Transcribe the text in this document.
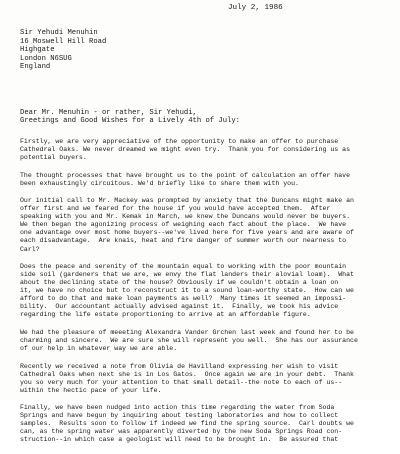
July 2, 1986
Sir Yehudi Menuhin
16 Moswell Hill Road
Highgate
London N6SUG
England
Dear Mr. Menuhin - or rather, Sir Yehudi,
Greetings and Good Wishes for a Lively 4th of July:
Firstly, we are very appreciative of the opportunity to make an offer to purchase
Cathedral Oaks. We never dreamed we might even try.  Thank you for considering us as
potential buyers.
The thought processes that have brought us to the point of calculation an offer have
been exhaustingly circuitous. We'd briefly like to share them with you.
Our initial call to Mr. Mackey was prompted by anxiety that the Duncans might make an
offer first and we feared for the house if you would have accepted them.  After
speaking with you and Mr. Kemak in March, we knew the Duncans would never be buyers.
We then began the agonizing process of weighing each fact about the place.  We have
one advantage over most home buyers--we've lived here for five years and are aware of
each disadvantage.  Are knais, heat and fire danger of summer worth our nearness to
Carl?
Does the peace and serenity of the mountain equal to working with the poor mountain
side soil (gardeners that we are, we envy the flat landers their alovial loam).  What
about the declining state of the house? Obviously if we couldn't obtain a loan on
it, we have no choice but to reconstruct it to a sound loan-worthy state.  How can we
afford to do that and make loan payments as well?  Many times it seemed an impossi-
bility.  Our accountant actually advised against it.  Finally, we took his advice
regarding the life estate proportioning to arrive at an affordable figure.
We had the pleasure of meeeting Alexandra Vander Grchen last week and found her to be
charming and sincere.  We are sure she will represent you well.  She has our assurance
of our help in whatever way we are able.
Recently we received a note from Olivia de Havilland expressing her wish to visit
Cathedral Oaks when next she is in Los Gatos.  Once again we are in your debt.  Thank
you so very much for your attention to that small detail--the note to each of us--
within the hectic pace of your life.
Finally, we have been nudged into action this time regarding the water from Soda
Springs and have begun by inquiring about testing laboratories and how to collect
samples.  Results soon to follow if indeed we find the spring source.  Carl doubts we
can, as the spring water was apparently diverted by the new Soda Springs Road con-
struction--in which case a geologist will need to be brought in.  Be assured that
